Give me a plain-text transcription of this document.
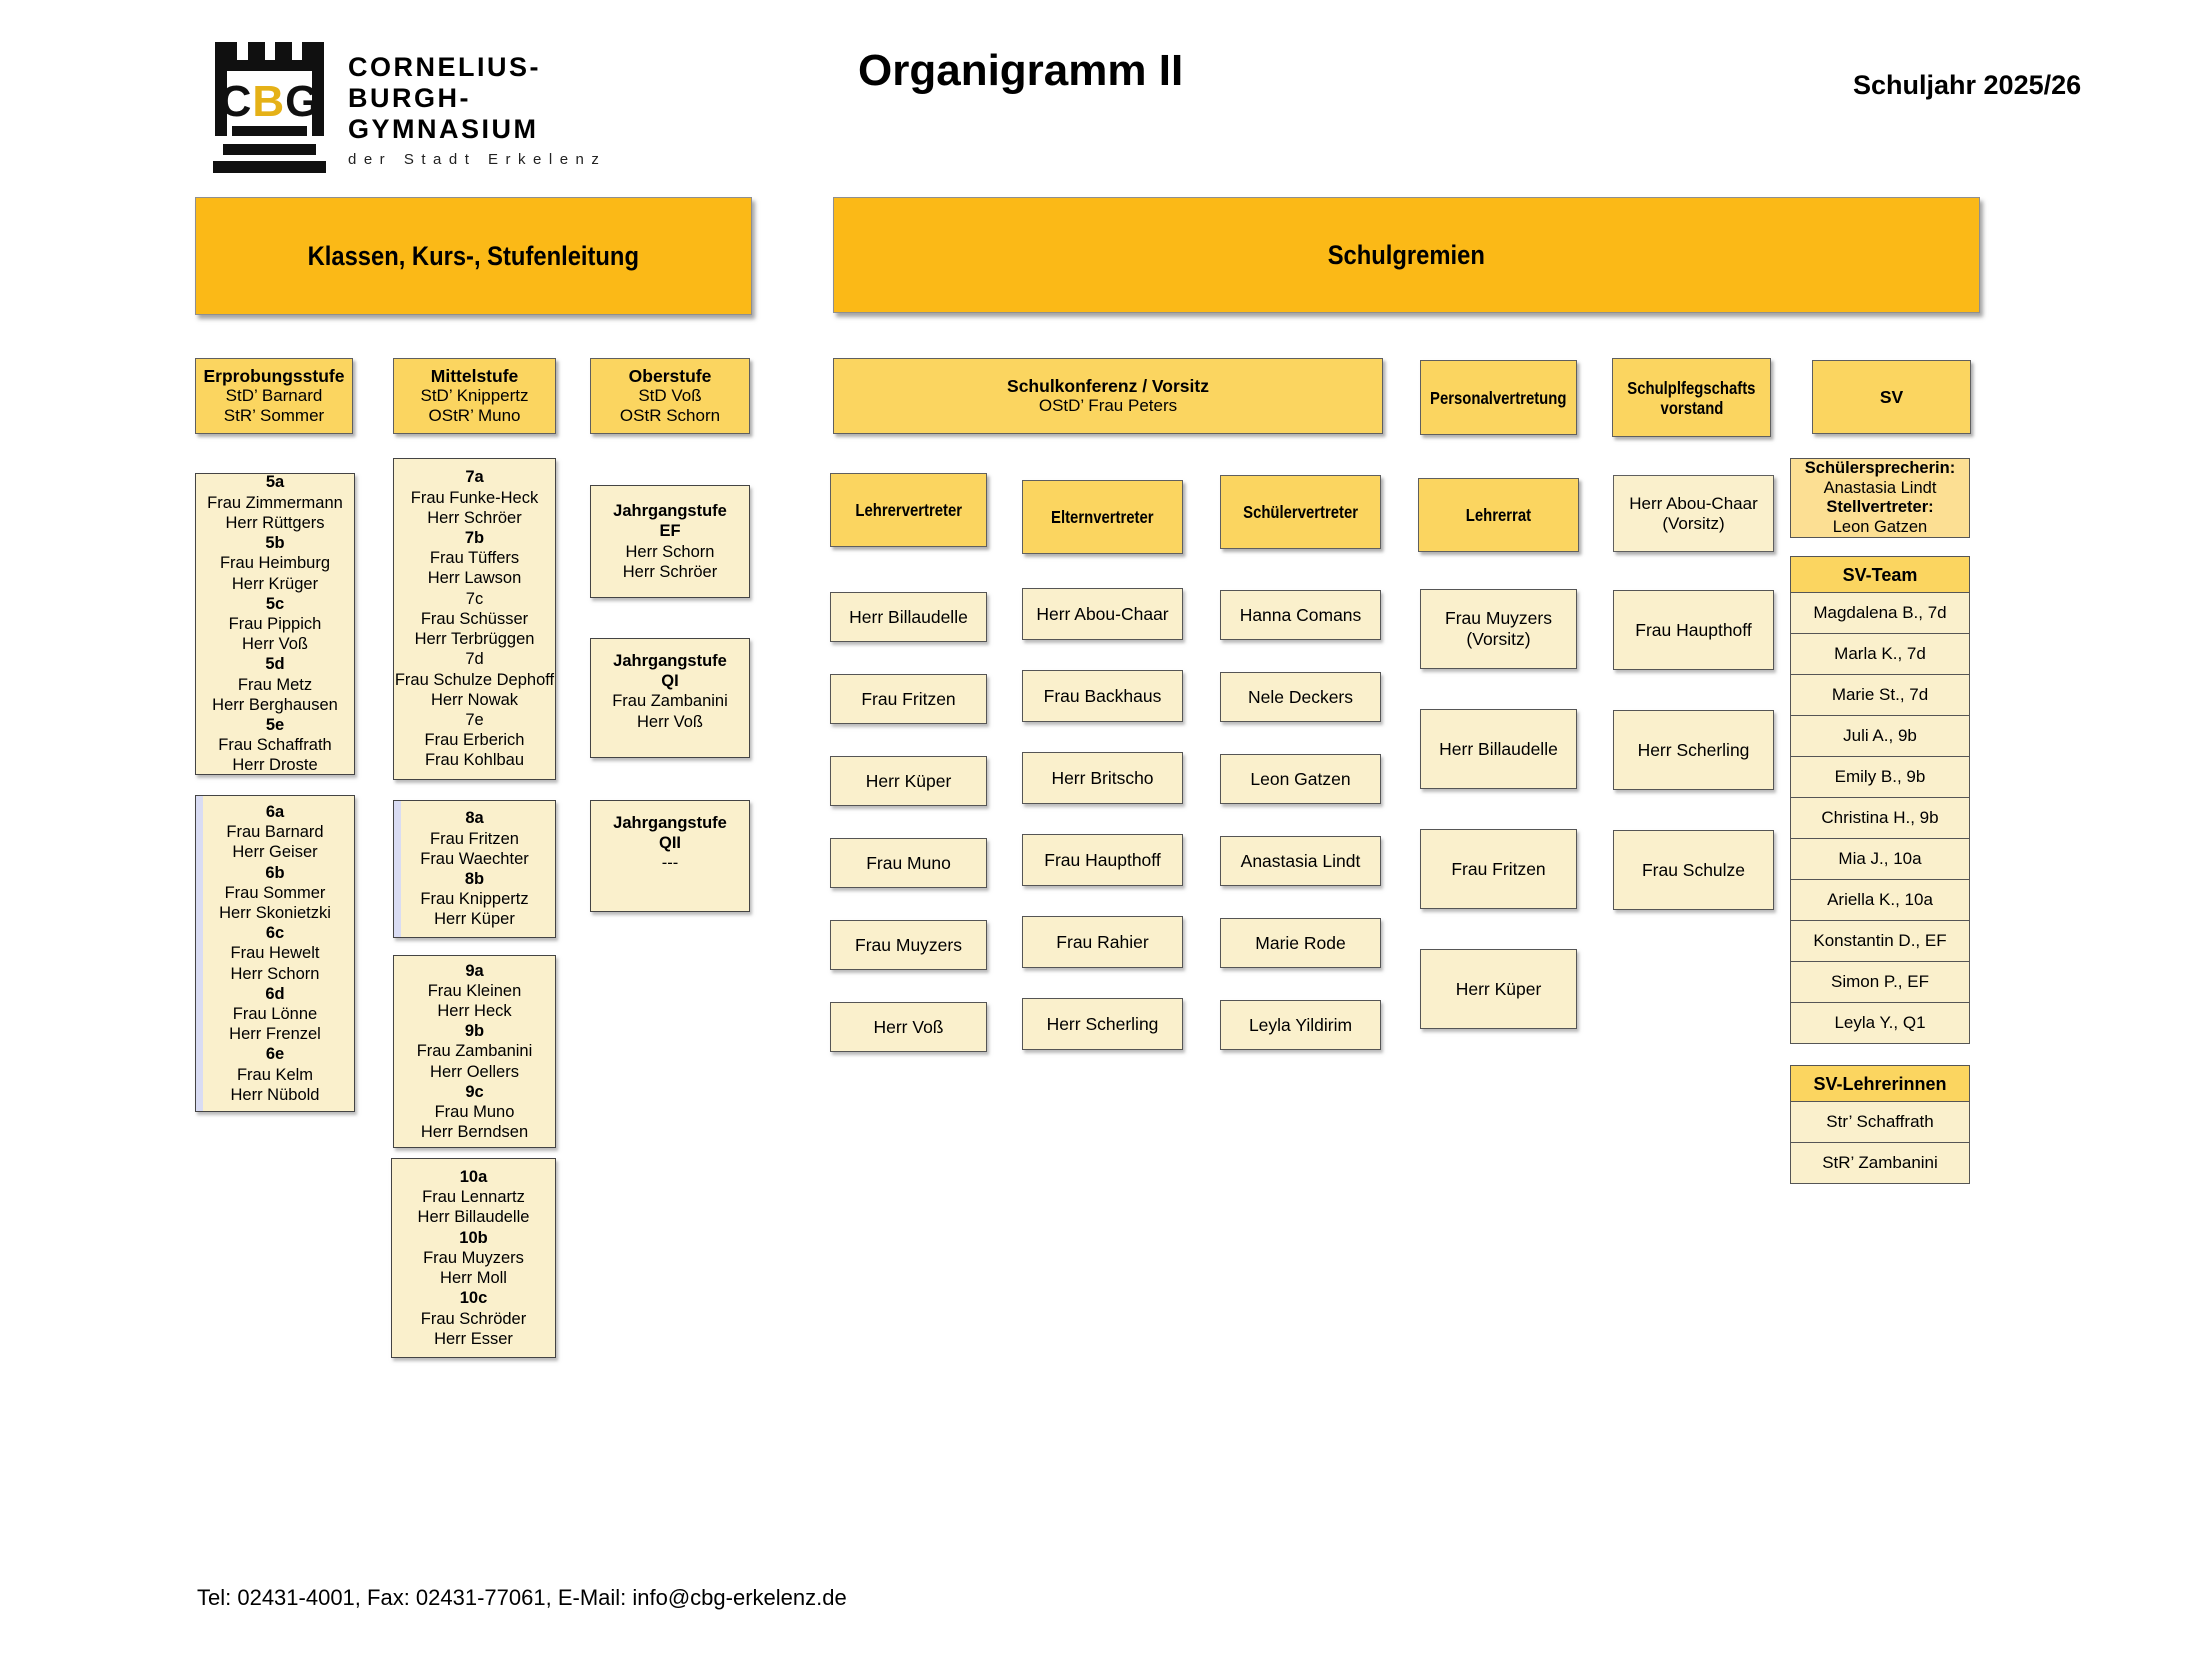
CBG
CORNELIUS-
BURGH-
GYMNASIUM
der Stadt Erkelenz
Organigramm II	Schuljahr 2025/26
Klassen, Kurs-, Stufenleitung
Erprobungsstufe
StD’ Barnard
StR’ Sommer
Mittelstufe
StD’ Knippertz
OStR’ Muno
Oberstufe
StD Voß
OStR Schorn
5a
Frau Zimmermann
Herr Rüttgers
5b
Frau Heimburg
Herr Krüger
5c
Frau Pippich
Herr Voß
5d
Frau Metz
Herr Berghausen
5e
Frau Schaffrath
Herr Droste
6a
Frau Barnard
Herr Geiser
6b
Frau Sommer
Herr Skonietzki
6c
Frau Hewelt
Herr Schorn
6d
Frau Lönne
Herr Frenzel
6e
Frau Kelm
Herr Nübold
7a
Frau Funke-Heck
Herr Schröer
7b
Frau Tüffers
Herr Lawson
7c
Frau Schüsser
Herr Terbrüggen
7d
Frau Schulze Dephoff
Herr Nowak
7e
Frau Erberich
Frau Kohlbau
8a
Frau Fritzen
Frau Waechter
8b
Frau Knippertz
Herr Küper
9a
Frau Kleinen
Herr Heck
9b
Frau Zambanini
Herr Oellers
9c
Frau Muno
Herr Berndsen
10a
Frau Lennartz
Herr Billaudelle
10b
Frau Muyzers
Herr Moll
10c
Frau Schröder
Herr Esser
Jahrgangstufe
EF
Herr Schorn
Herr Schröer
Jahrgangstufe
QI
Frau Zambanini
Herr Voß
Jahrgangstufe
QII
---
Schulgremien
Schulkonferenz / Vorsitz
OStD’ Frau Peters	Personalvertretung	Schulplfegschafts
vorstand
SV
Lehrervertreter	Elternvertreter	Schülervertreter	Lehrerrat
Herr Abou-Chaar (Vorsitz)
Herr Billaudelle
Frau Fritzen
Herr Küper
Frau Muno
Frau Muyzers
Herr Voß
Herr Abou-Chaar
Frau Backhaus
Herr Britscho
Frau Haupthoff
Frau Rahier
Herr Scherling
Hanna Comans
Nele Deckers
Leon Gatzen
Anastasia Lindt
Marie Rode
Leyla Yildirim
Frau Muyzers (Vorsitz)
Herr Billaudelle
Frau Fritzen
Herr Küper
Frau Haupthoff
Herr Scherling
Frau Schulze
Schülersprecherin:
Anastasia Lindt
Stellvertreter:
Leon Gatzen
SV-Team
Magdalena B., 7d
Marla K., 7d
Marie St., 7d
Juli A., 9b
Emily B., 9b
Christina H., 9b
Mia J., 10a
Ariella K., 10a
Konstantin D., EF
Simon P., EF
Leyla Y., Q1
SV-Lehrerinnen
Str’ Schaffrath
StR’ Zambanini
Tel: 02431-4001, Fax: 02431-77061, E-Mail: info@cbg-erkelenz.de
